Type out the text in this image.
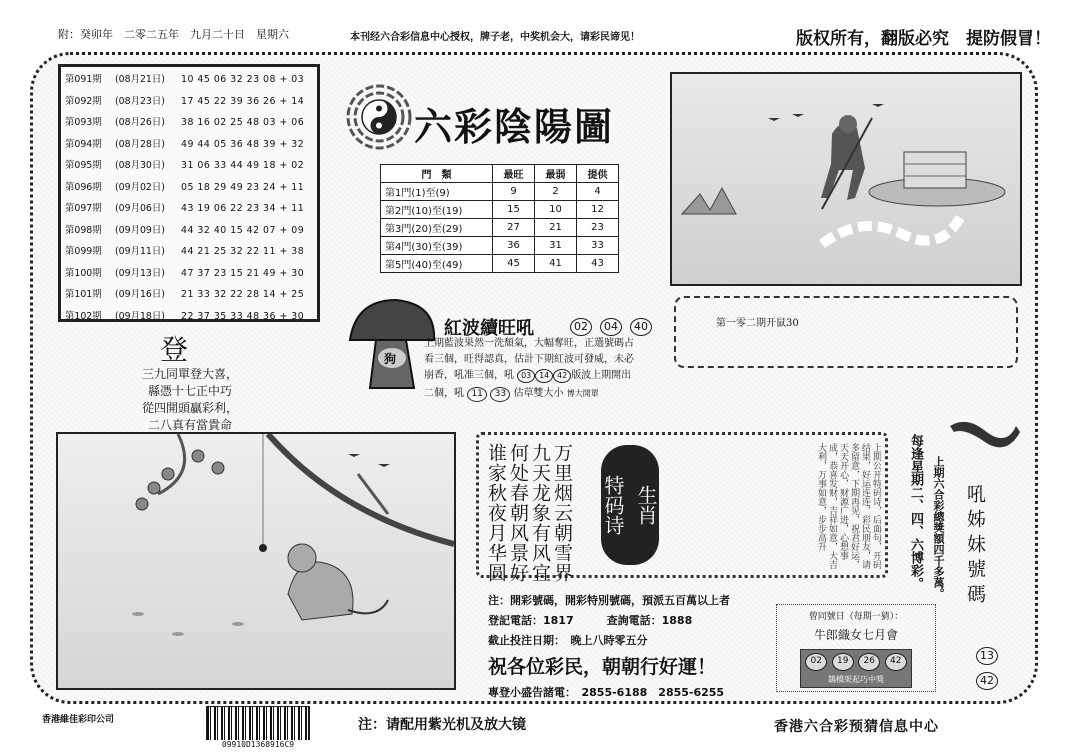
附：癸卯年　二零二五年　九月二十日　星期六	本刊经六合彩信息中心授权，牌子老，中奖机会大，请彩民谛见！	版权所有，翻版必究　提防假冒！
第091期	(08月21日)	10 45 06 32 23 08 + 03
第092期	(08月23日)	17 45 22 39 36 26 + 14
第093期	(08月26日)	38 16 02 25 48 03 + 06
第094期	(08月28日)	49 44 05 36 48 39 + 32
第095期	(08月30日)	31 06 33 44 49 18 + 02
第096期	(09月02日)	05 18 29 49 23 24 + 11
第097期	(09月06日)	43 19 06 22 23 34 + 11
第098期	(09月09日)	44 32 40 15 42 07 + 09
第099期	(09月11日)	44 21 25 32 22 11 + 38
第100期	(09月13日)	47 37 23 15 21 49 + 30
第101期	(09月16日)	21 33 32 22 28 14 + 25
第102期	(09月18日)	22 37 35 33 48 36 + 30
六彩陰陽圖
門　類	最旺	最弱	提供
第1門(1)至(9)	9	2	4
第2門(10)至(19)	15	10	12
第3門(20)至(29)	27	21	23
第4門(30)至(39)	36	31	33
第5門(40)至(49)	45	41	43
狗
紅波續旺吼	02 04 40
上期藍波果然一洗頹氣，大幅奪旺，正選號碼占
看三個，旺得認真，估計下期紅波可發威，未必
崩香，吼准三個，吼 03 14 42 版波上期開出
二個，吼 11 33 估草雙大小 博大開單
第一零二期开鼠30
登
三九同單登大喜，
縣憑十七正中巧
從四開頭贏彩利，
二八真有當貴命
谁家秋夜月华圆 何处春朝风景好 九天龙象有风宜 万里烟云朝雪界 特码诗 生肖	上期公开特码诗，后面句，开码结果，好运连连，彩民朋友，请多留意，下期再见，祝君好运，天天开心，财源广进，心想事成，恭喜发财，吉祥如意，大吉大利，万事如意，步步高升
注：開彩號碼，開彩特別號碼，預派五百萬以上者
登記電話：1817　　　	查詢電話：1888
截止投注日期：　晚上八時零五分
祝各位彩民，朝朝行好運！
專登小盛告諸電：　2855-6188　2855-6255
每逢星期二、四、六博彩。 上期六合彩總獎額四千多萬。 吼姊妹號碼
13 42
曾同號日（每期一猜）：
牛郎織女七月會
02	19	26	42
鵲橋架起巧中獎
香港維佳彩印公司
09910D1368916C9
注：请配用紫光机及放大镜	香港六合彩预猜信息中心
